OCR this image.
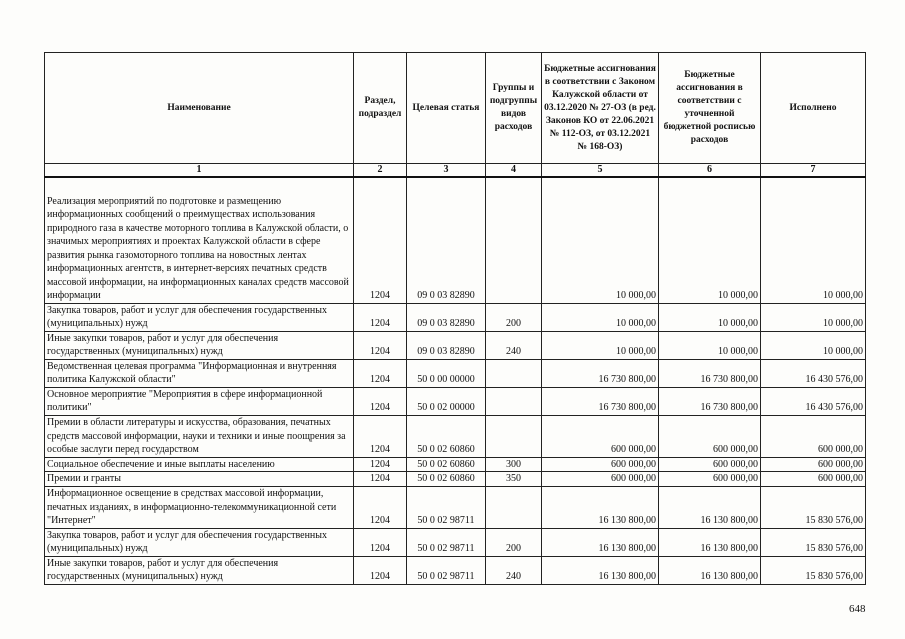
Наименование	Раздел, подраздел	Целевая статья	Группы и подгруппы видов расходов	Бюджетные ассигнования в соответствии с Законом Калужской области от 03.12.2020 № 27-ОЗ (в ред. Законов КО от 22.06.2021 № 112-ОЗ, от 03.12.2021 № 168-ОЗ)	Бюджетные ассигнования в соответствии с уточненной бюджетной росписью расходов	Исполнено
1	2	3	4	5	6	7
Реализация мероприятий по подготовке и размещению информационных сообщений о преимуществах использования природного газа в качестве моторного топлива в Калужской области, о значимых мероприятиях и проектах Калужской области в сфере развития рынка газомоторного топлива на новостных лентах информационных агентств, в интернет-версиях печатных средств массовой информации, на информационных каналах средств массовой информации	1204	09 0 03 82890		10 000,00	10 000,00	10 000,00
Закупка товаров, работ и услуг для обеспечения государственных (муниципальных) нужд	1204	09 0 03 82890	200	10 000,00	10 000,00	10 000,00
Иные закупки товаров, работ и услуг для обеспечения государственных (муниципальных) нужд	1204	09 0 03 82890	240	10 000,00	10 000,00	10 000,00
Ведомственная целевая программа "Информационная и внутренняя политика Калужской области"	1204	50 0 00 00000		16 730 800,00	16 730 800,00	16 430 576,00
Основное мероприятие "Мероприятия в сфере информационной политики"	1204	50 0 02 00000		16 730 800,00	16 730 800,00	16 430 576,00
Премии в области литературы и искусства, образования, печатных средств массовой информации, науки и техники и иные поощрения за особые заслуги перед государством	1204	50 0 02 60860		600 000,00	600 000,00	600 000,00
Социальное обеспечение и иные выплаты населению	1204	50 0 02 60860	300	600 000,00	600 000,00	600 000,00
Премии и гранты	1204	50 0 02 60860	350	600 000,00	600 000,00	600 000,00
Информационное освещение в средствах массовой информации, печатных изданиях, в информационно-телекоммуникационной сети "Интернет"	1204	50 0 02 98711		16 130 800,00	16 130 800,00	15 830 576,00
Закупка товаров, работ и услуг для обеспечения государственных (муниципальных) нужд	1204	50 0 02 98711	200	16 130 800,00	16 130 800,00	15 830 576,00
Иные закупки товаров, работ и услуг для обеспечения государственных (муниципальных) нужд	1204	50 0 02 98711	240	16 130 800,00	16 130 800,00	15 830 576,00
648
